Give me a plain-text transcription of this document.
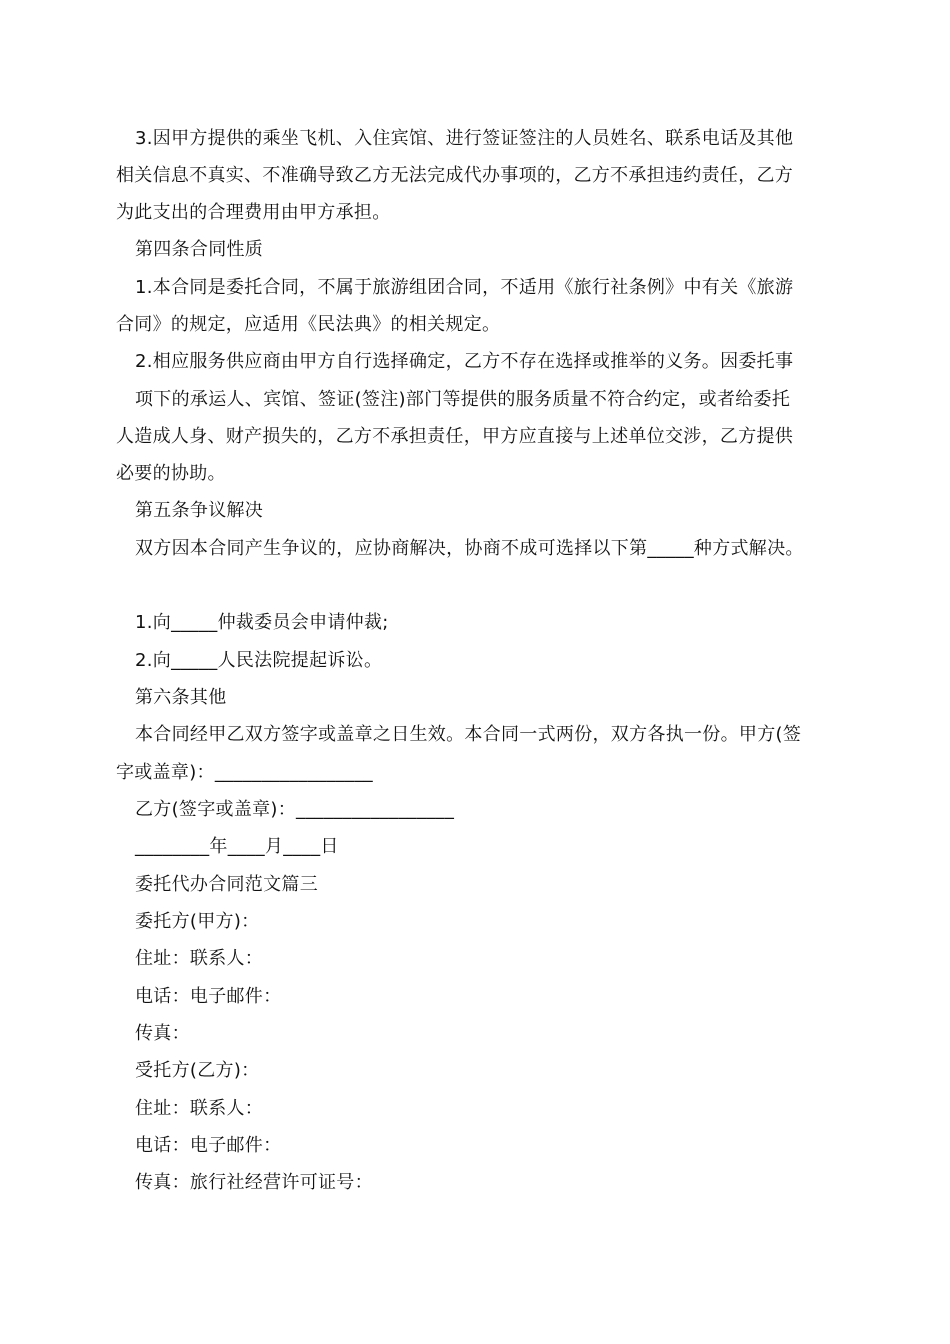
3.因甲方提供的乘坐飞机、入住宾馆、进行签证签注的人员姓名、联系电话及其他
相关信息不真实、不准确导致乙方无法完成代办事项的，乙方不承担违约责任，乙方
为此支出的合理费用由甲方承担。
第四条合同性质
1.本合同是委托合同，不属于旅游组团合同，不适用《旅行社条例》中有关《旅游
合同》的规定，应适用《民法典》的相关规定。
2.相应服务供应商由甲方自行选择确定，乙方不存在选择或推举的义务。因委托事
项下的承运人、宾馆、签证(签注)部门等提供的服务质量不符合约定，或者给委托
人造成人身、财产损失的，乙方不承担责任，甲方应直接与上述单位交涉，乙方提供
必要的协助。
第五条争议解决
双方因本合同产生争议的，应协商解决，协商不成可选择以下第_____种方式解决。
1.向_____仲裁委员会申请仲裁;
2.向_____人民法院提起诉讼。
第六条其他
本合同经甲乙双方签字或盖章之日生效。本合同一式两份，双方各执一份。甲方(签
字或盖章)：_________________
乙方(签字或盖章)：_________________
________年____月____日
委托代办合同范文篇三
委托方(甲方)：
住址：联系人：
电话：电子邮件：
传真：
受托方(乙方)：
住址：联系人：
电话：电子邮件：
传真：旅行社经营许可证号：
